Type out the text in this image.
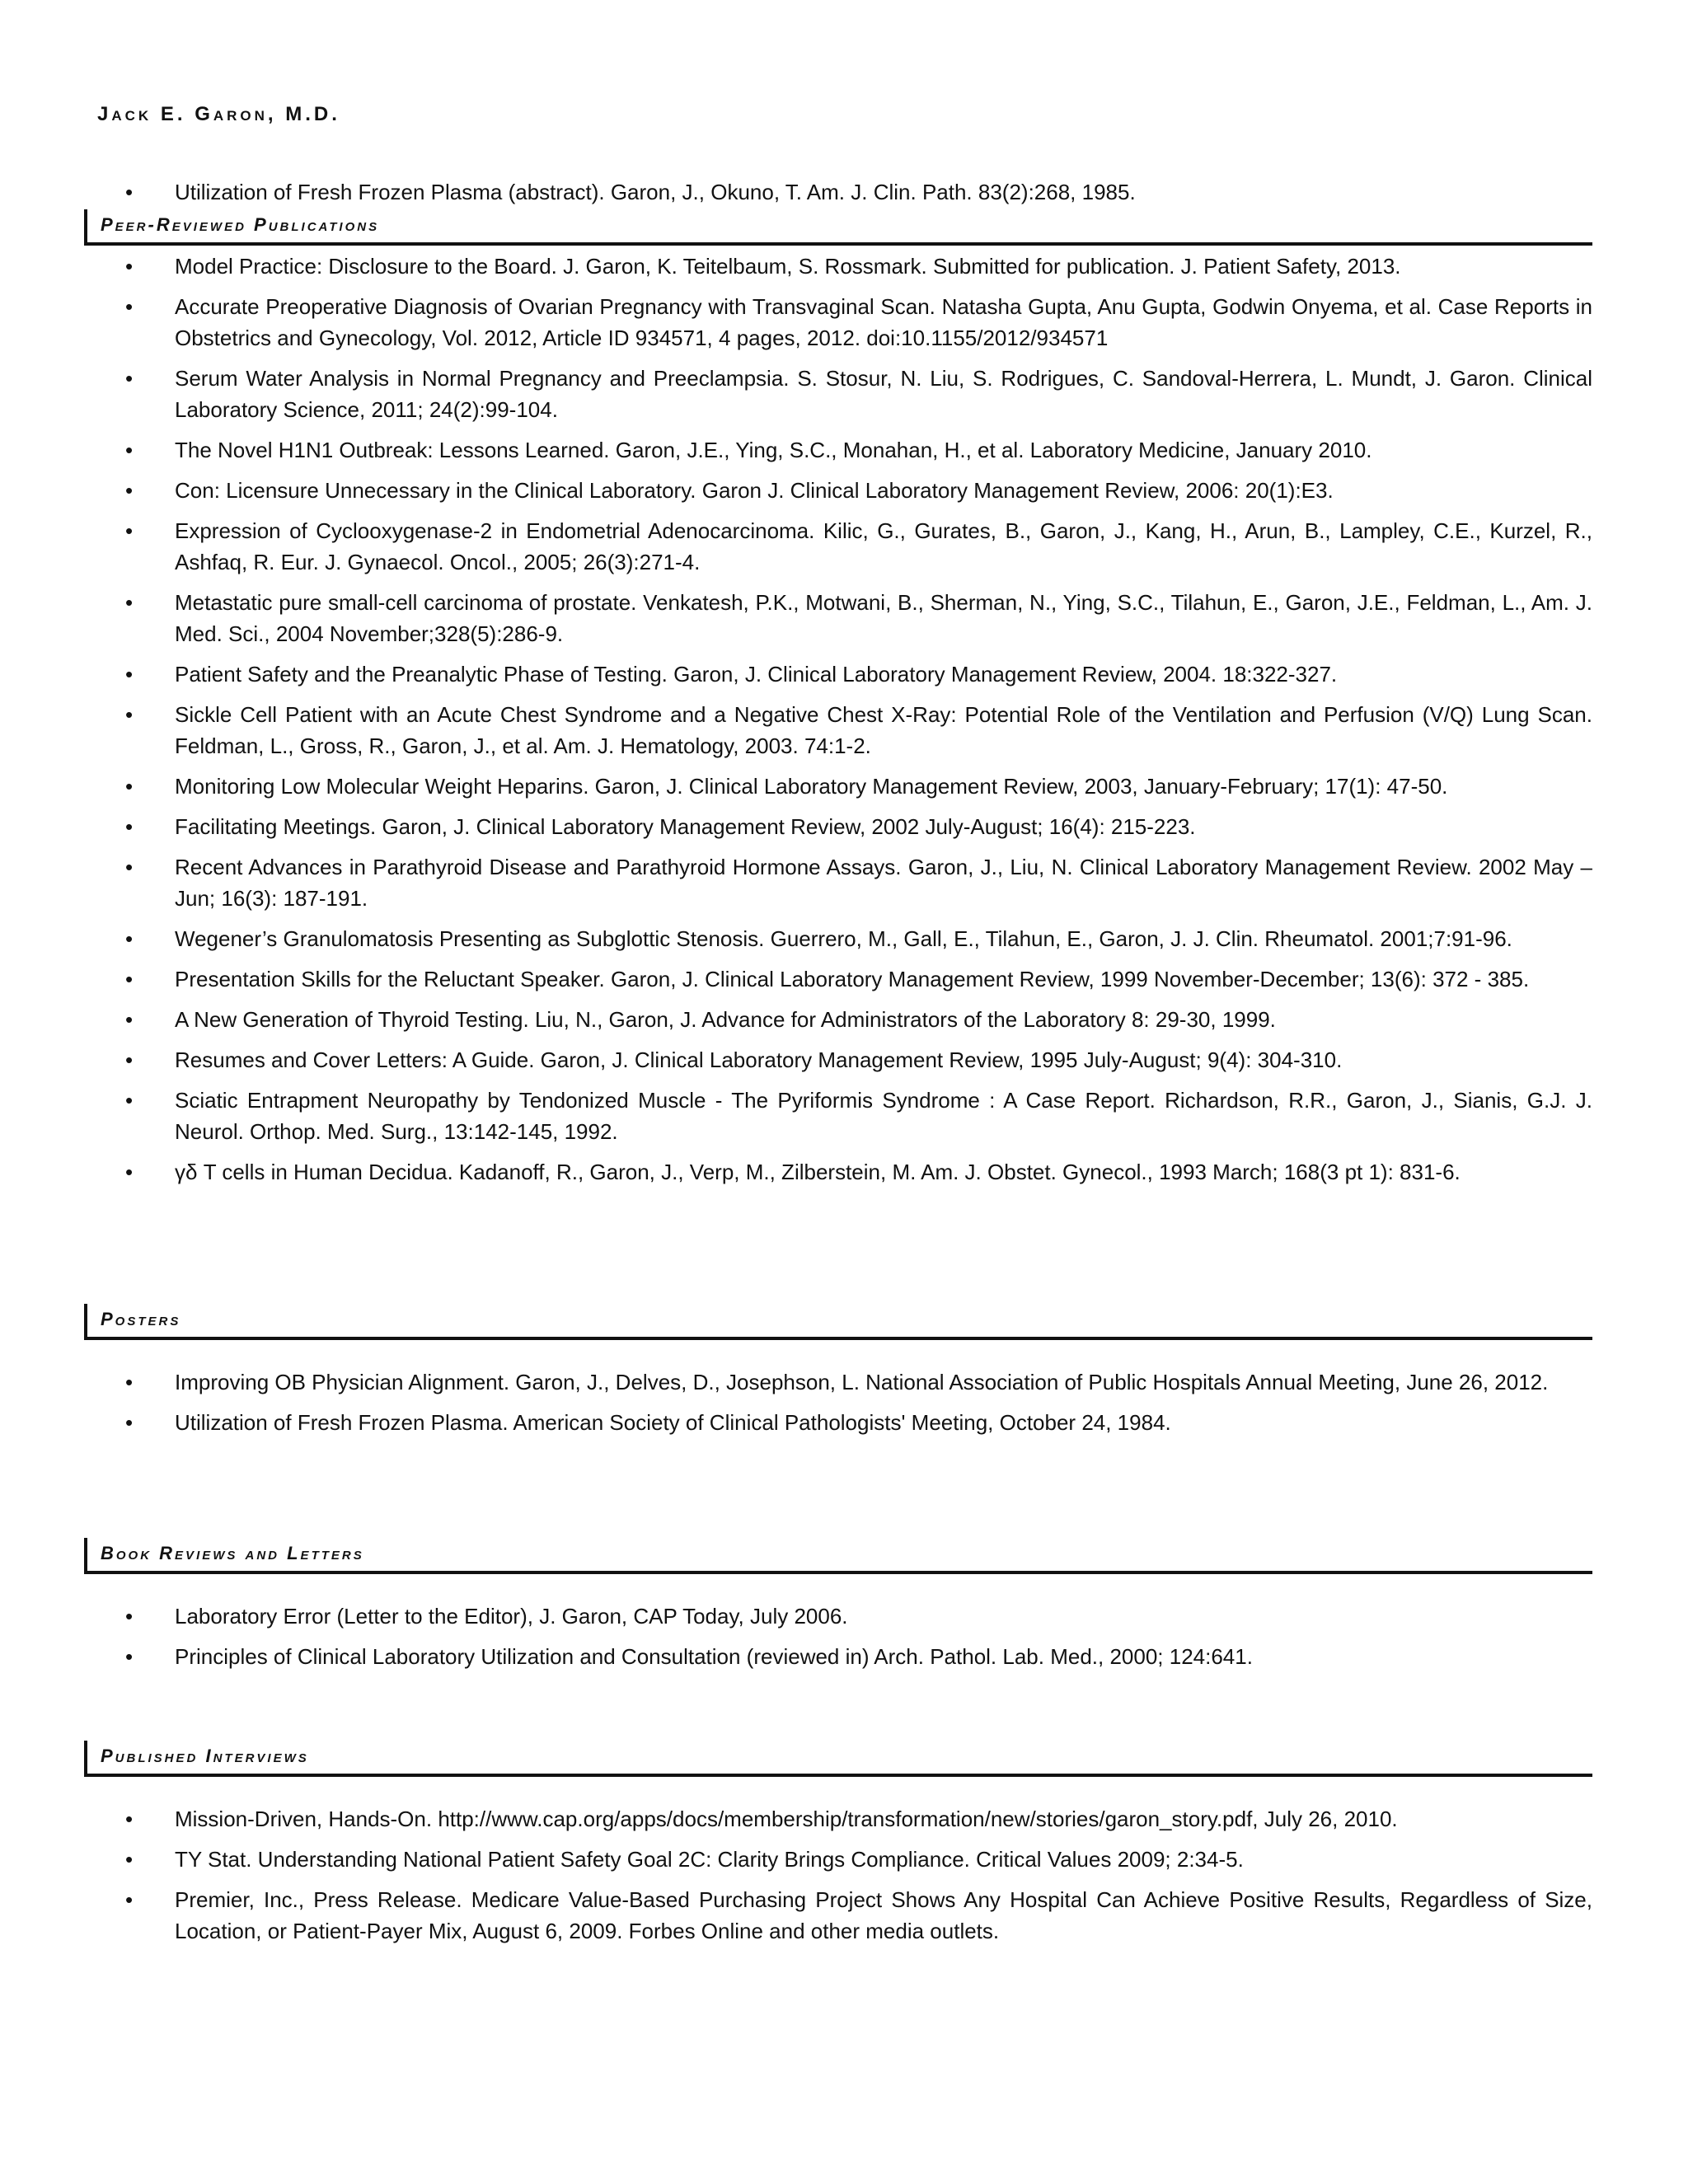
Jack E. Garon, M.D.
•
Utilization of Fresh Frozen Plasma (abstract). Garon, J., Okuno, T. Am. J. Clin. Path. 83(2):268, 1985.
Peer-Reviewed Publications
•
Model Practice: Disclosure to the Board. J. Garon, K. Teitelbaum, S. Rossmark. Submitted for publication. J. Patient Safety, 2013.
•
Accurate Preoperative Diagnosis of Ovarian Pregnancy with Transvaginal Scan. Natasha Gupta, Anu Gupta, Godwin Onyema, et al. Case Reports in Obstetrics and Gynecology, Vol. 2012, Article ID 934571, 4 pages, 2012. doi:10.1155/2012/934571
•
Serum Water Analysis in Normal Pregnancy and Preeclampsia. S. Stosur, N. Liu, S. Rodrigues, C. Sandoval-Herrera, L. Mundt, J. Garon. Clinical Laboratory Science, 2011; 24(2):99-104.
•
The Novel H1N1 Outbreak: Lessons Learned. Garon, J.E., Ying, S.C., Monahan, H., et al. Laboratory Medicine, January 2010.
•
Con: Licensure Unnecessary in the Clinical Laboratory. Garon J. Clinical Laboratory Management Review, 2006: 20(1):E3.
•
Expression of Cyclooxygenase-2 in Endometrial Adenocarcinoma. Kilic, G., Gurates, B., Garon, J., Kang, H., Arun, B., Lampley, C.E., Kurzel, R., Ashfaq, R. Eur. J. Gynaecol. Oncol., 2005; 26(3):271-4.
•
Metastatic pure small-cell carcinoma of prostate. Venkatesh, P.K., Motwani, B., Sherman, N., Ying, S.C., Tilahun, E., Garon, J.E., Feldman, L., Am. J. Med. Sci., 2004 November;328(5):286-9.
•
Patient Safety and the Preanalytic Phase of Testing. Garon, J. Clinical Laboratory Management Review, 2004. 18:322-327.
•
Sickle Cell Patient with an Acute Chest Syndrome and a Negative Chest X-Ray: Potential Role of the Ventilation and Perfusion (V/Q) Lung Scan. Feldman, L., Gross, R., Garon, J., et al. Am. J. Hematology, 2003. 74:1-2.
•
Monitoring Low Molecular Weight Heparins. Garon, J. Clinical Laboratory Management Review, 2003, January-February; 17(1): 47-50.
•
Facilitating Meetings. Garon, J. Clinical Laboratory Management Review, 2002 July-August; 16(4): 215-223.
•
Recent Advances in Parathyroid Disease and Parathyroid Hormone Assays. Garon, J., Liu, N. Clinical Laboratory Management Review. 2002 May – Jun; 16(3): 187-191.
•
Wegener’s Granulomatosis Presenting as Subglottic Stenosis. Guerrero, M., Gall, E., Tilahun, E., Garon, J. J. Clin. Rheumatol. 2001;7:91-96.
•
Presentation Skills for the Reluctant Speaker. Garon, J. Clinical Laboratory Management Review, 1999 November-December; 13(6): 372 - 385.
•
A New Generation of Thyroid Testing. Liu, N., Garon, J. Advance for Administrators of the Laboratory 8: 29-30, 1999.
•
Resumes and Cover Letters: A Guide. Garon, J. Clinical Laboratory Management Review, 1995 July-August; 9(4): 304-310.
•
Sciatic Entrapment Neuropathy by Tendonized Muscle - The Pyriformis Syndrome : A Case Report. Richardson, R.R., Garon, J., Sianis, G.J. J. Neurol. Orthop. Med. Surg., 13:142-145, 1992.
•
γδ T cells in Human Decidua. Kadanoff, R., Garon, J., Verp, M., Zilberstein, M. Am. J. Obstet. Gynecol., 1993 March; 168(3 pt 1): 831-6.
Posters
•
Improving OB Physician Alignment. Garon, J., Delves, D., Josephson, L. National Association of Public Hospitals Annual Meeting, June 26, 2012.
•
Utilization of Fresh Frozen Plasma. American Society of Clinical Pathologists' Meeting, October 24, 1984.
Book Reviews and Letters
•
Laboratory Error (Letter to the Editor), J. Garon, CAP Today, July 2006.
•
Principles of Clinical Laboratory Utilization and Consultation (reviewed in) Arch. Pathol. Lab. Med., 2000; 124:641.
Published Interviews
•
Mission-Driven, Hands-On. http://www.cap.org/apps/docs/membership/transformation/new/stories/garon_story.pdf, July 26, 2010.
•
TY Stat. Understanding National Patient Safety Goal 2C: Clarity Brings Compliance. Critical Values 2009; 2:34-5.
•
Premier, Inc., Press Release. Medicare Value-Based Purchasing Project Shows Any Hospital Can Achieve Positive Results, Regardless of Size, Location, or Patient-Payer Mix, August 6, 2009. Forbes Online and other media outlets.
